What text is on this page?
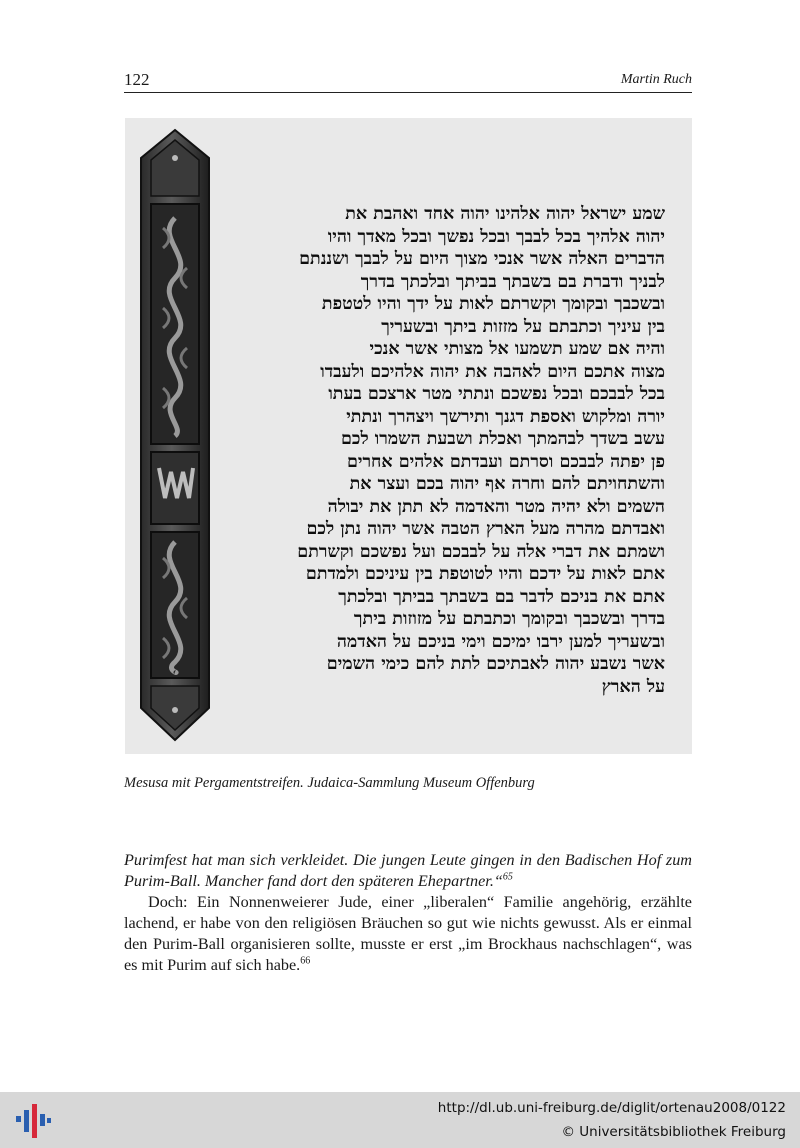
122	Martin Ruch
שמע ישראל יהוה אלהינו יהוה אחד ואהבת את
יהוה אלהיך בכל לבבך ובכל נפשך ובכל מאדך והיו
הדברים האלה אשר אנכי מצוך היום על לבבך ושננתם
לבניך ודברת בם בשבתך בביתך ובלכתך בדרך
ובשכבך ובקומך וקשרתם לאות על ידך והיו לטטפת
בין עיניך וכתבתם על מזזות ביתך ובשעריך
והיה אם שמע תשמעו אל מצותי אשר אנכי
מצוה אתכם היום לאהבה את יהוה אלהיכם ולעבדו
בכל לבבכם ובכל נפשכם ונתתי מטר ארצכם בעתו
יורה ומלקוש ואספת דגנך ותירשך ויצהרך ונתתי
עשב בשדך לבהמתך ואכלת ושבעת השמרו לכם
פן יפתה לבבכם וסרתם ועבדתם אלהים אחרים
והשתחויתם להם וחרה אף יהוה בכם ועצר את
השמים ולא יהיה מטר והאדמה לא תתן את יבולה
ואבדתם מהרה מעל הארץ הטבה אשר יהוה נתן לכם
ושמתם את דברי אלה על לבבכם ועל נפשכם וקשרתם
אתם לאות על ידכם והיו לטוטפת בין עיניכם ולמדתם
אתם את בניכם לדבר בם בשבתך בביתך ובלכתך
בדרך ובשכבך ובקומך וכתבתם על מזוזות ביתך
ובשעריך למען ירבו ימיכם וימי בניכם על האדמה
אשר נשבע יהוה לאבתיכם לתת להם כימי השמים
על הארץ
Mesusa mit Pergamentstreifen. Judaica-Sammlung Museum Offenburg

Purimfest hat man sich verkleidet. Die jungen Leute gingen in den Badischen Hof zum Purim-Ball. Mancher fand dort den späteren Ehepartner.“$^{65}$

Doch: Ein Nonnenweierer Jude, einer „liberalen“ Familie angehörig, erzählte lachend, er habe von den religiösen Bräuchen so gut wie nichts gewusst. Als er einmal den Purim-Ball organisieren sollte, musste er erst „im Brockhaus nachschlagen“, was es mit Purim auf sich habe.$^{66}$

http://dl.ub.uni-freiburg.de/diglit/ortenau2008/0122
© Universitätsbibliothek Freiburg
